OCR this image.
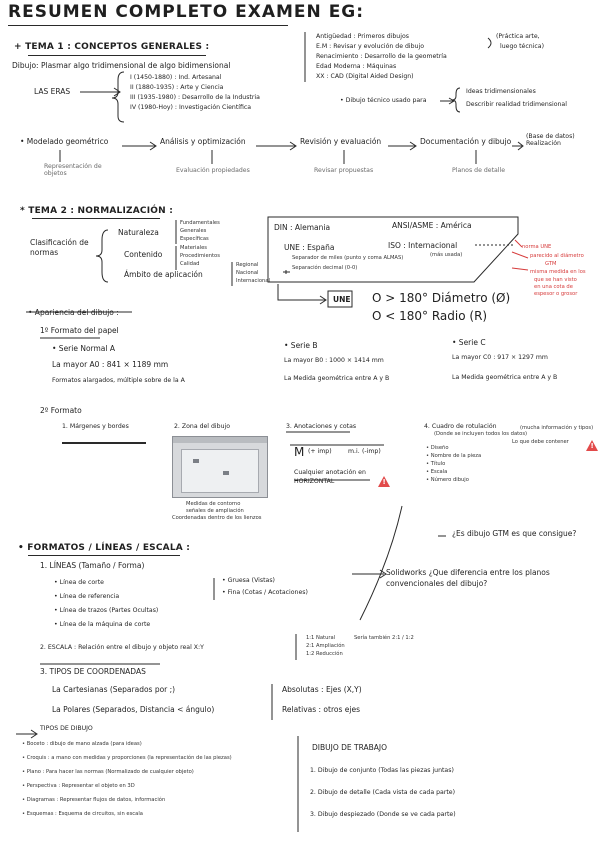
RESUMEN COMPLETO EXAMEN EG:
+ TEMA 1 : CONCEPTOS GENERALES :
Dibujo: Plasmar algo tridimensional de algo bidimensional
LAS ERAS
I (1450-1880) : Ind. Artesanal
II (1880-1935) : Arte y Ciencia
III (1935-1980) : Desarrollo de la Industria
IV (1980-Hoy) : Investigación Científica
Antigüedad : Primeros dibujos
E.M : Revisar y evolución de dibujo
Renacimiento : Desarrollo de la geometría
Edad Moderna : Máquinas
XX : CAD (Digital Aided Design)
(Práctica arte,
luego técnica)
• Dibujo técnico usado para
Ideas tridimensionales
Describir realidad tridimensional
• Modelado geométrico	Análisis y optimización	Revisión y evaluación	Documentación y dibujo
(Base de datos) Realización
Representación de objetos	Evaluación propiedades	Revisar propuestas	Planos de detalle
* TEMA 2 : NORMALIZACIÓN :
Clasificación de normas
Naturaleza
Fundamentales
Generales
Específicas
Contenido
Materiales
Procedimientos
Calidad
Ámbito de aplicación
Regional
Nacional
Internacional
DIN : Alemania	ANSI/ASME : América
UNE : España	ISO : Internacional
(más usada)
Separador de miles (punto y coma ALMAS)
Separación decimal (0-0)
norma UNE
parecido al diámetro
GTM
misma medida en los
que se han visto
en una cota de
espesor o grosor
UNE O > 180° Diámetro (Ø)
O < 180° Radio (R)
• Apariencia del dibujo :
1º Formato del papel
• Serie Normal A
La mayor A0 : 841 × 1189 mm
Formatos alargados, múltiple sobre de la A
• Serie B
La mayor B0 : 1000 × 1414 mm
La Medida geométrica entre A y B
• Serie C
La mayor C0 : 917 × 1297 mm
La Medida geométrica entre A y B
2º Formato
1. Márgenes y bordes	2. Zona del dibujo
Medidas de contorno
señales de ampliación
Coordenadas dentro de los lienzos
3. Anotaciones y cotas
M (+ imp)	m.i. (-imp)
Cualquier anotación en HORIZONTAL
!
4. Cuadro de rotulación
(Donde se incluyen todos los datos)
• Diseño
• Nombre de la pieza
• Título
• Escala
• Número dibujo
Lo que debe contener
(mucha información y tipos)
!
¿Es dibujo GTM es que consigue?
Solidworks ¿Que diferencia entre los planos convencionales del dibujo?
• FORMATOS / LÍNEAS / ESCALA :
1. LÍNEAS (Tamaño / Forma)
• Línea de corte
• Línea de referencia
• Línea de trazos (Partes Ocultas)
• Línea de la máquina de corte
• Gruesa (Vistas)
• Fina (Cotas / Acotaciones)
2. ESCALA : Relación entre el dibujo y objeto real X:Y
1:1 Natural
2:1 Ampliación
1:2 Reducción
Sería también 2:1 / 1:2
3. TIPOS DE COORDENADAS
La Cartesianas (Separados por ;)
La Polares (Separados, Distancia < ángulo)
Absolutas : Ejes (X,Y)
Relativas : otros ejes
TIPOS DE DIBUJO
• Boceto : dibujo de mano alzada (para ideas)
• Croquis : a mano con medidas y proporciones (la representación de las piezas)
• Plano : Para hacer las normas (Normalizado de cualquier objeto)
• Perspectiva : Representar el objeto en 3D
• Diagramas : Representar flujos de datos, información
• Esquemas : Esquema de circuitos, sin escala
DIBUJO DE TRABAJO
1. Dibujo de conjunto (Todas las piezas juntas)
2. Dibujo de detalle (Cada vista de cada parte)
3. Dibujo despiezado (Donde se ve cada parte)
